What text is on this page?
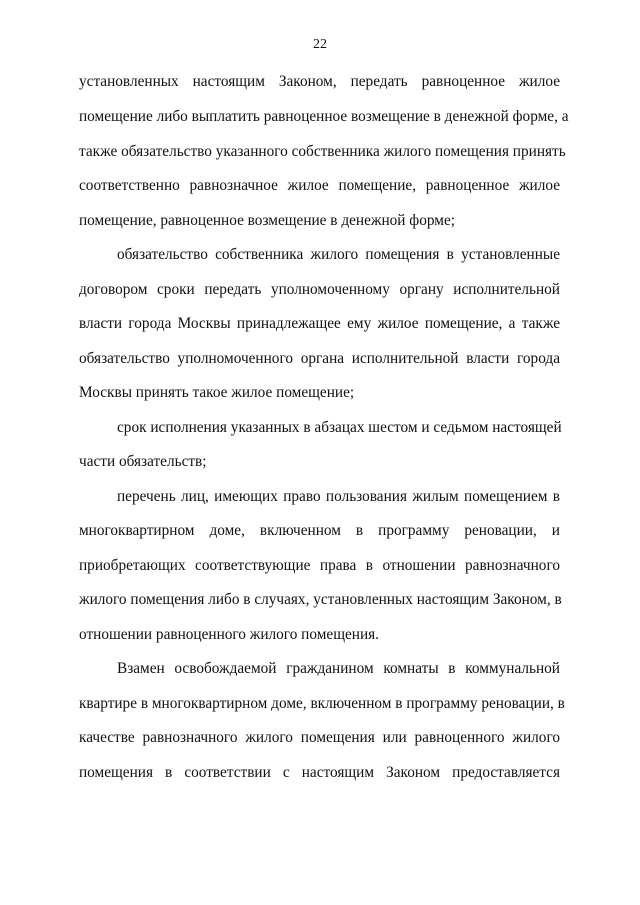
22
установленных настоящим Законом, передать равноценное жилое
помещение либо выплатить равноценное возмещение в денежной форме, а
также обязательство указанного собственника жилого помещения принять
соответственно равнозначное жилое помещение, равноценное жилое
помещение, равноценное возмещение в денежной форме;
обязательство собственника жилого помещения в установленные
договором сроки передать уполномоченному органу исполнительной
власти города Москвы принадлежащее ему жилое помещение, а также
обязательство уполномоченного органа исполнительной власти города
Москвы принять такое жилое помещение;
срок исполнения указанных в абзацах шестом и седьмом настоящей
части обязательств;
перечень лиц, имеющих право пользования жилым помещением в
многоквартирном доме, включенном в программу реновации, и
приобретающих соответствующие права в отношении равнозначного
жилого помещения либо в случаях, установленных настоящим Законом, в
отношении равноценного жилого помещения.
Взамен освобождаемой гражданином комнаты в коммунальной
квартире в многоквартирном доме, включенном в программу реновации, в
качестве равнозначного жилого помещения или равноценного жилого
помещения в соответствии с настоящим Законом предоставляется
